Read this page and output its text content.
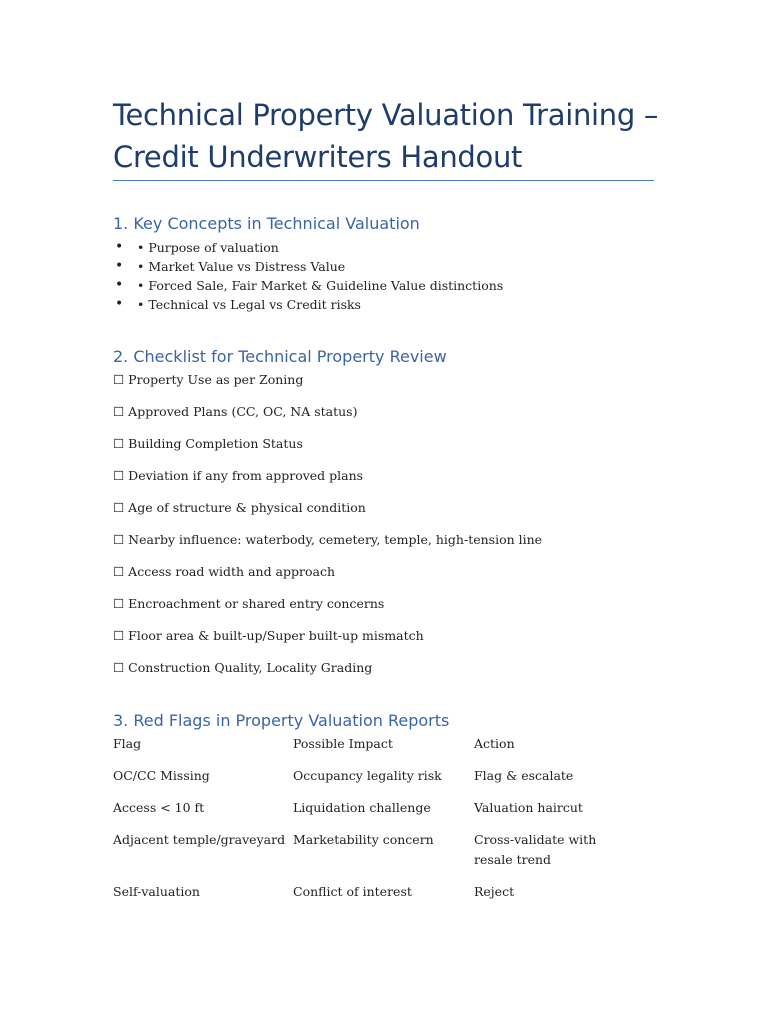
Technical Property Valuation Training – Credit Underwriters Handout
1. Key Concepts in Technical Valuation
• • Purpose of valuation
• • Market Value vs Distress Value
• • Forced Sale, Fair Market & Guideline Value distinctions
• • Technical vs Legal vs Credit risks
2. Checklist for Technical Property Review
☐ Property Use as per Zoning
☐ Approved Plans (CC, OC, NA status)
☐ Building Completion Status
☐ Deviation if any from approved plans
☐ Age of structure & physical condition
☐ Nearby influence: waterbody, cemetery, temple, high-tension line
☐ Access road width and approach
☐ Encroachment or shared entry concerns
☐ Floor area & built-up/Super built-up mismatch
☐ Construction Quality, Locality Grading
3. Red Flags in Property Valuation Reports
Flag	Possible Impact	Action
OC/CC Missing	Occupancy legality risk	Flag & escalate
Access < 10 ft	Liquidation challenge	Valuation haircut
Adjacent temple/graveyard	Marketability concern	Cross-validate with resale trend
Self-valuation	Conflict of interest	Reject
